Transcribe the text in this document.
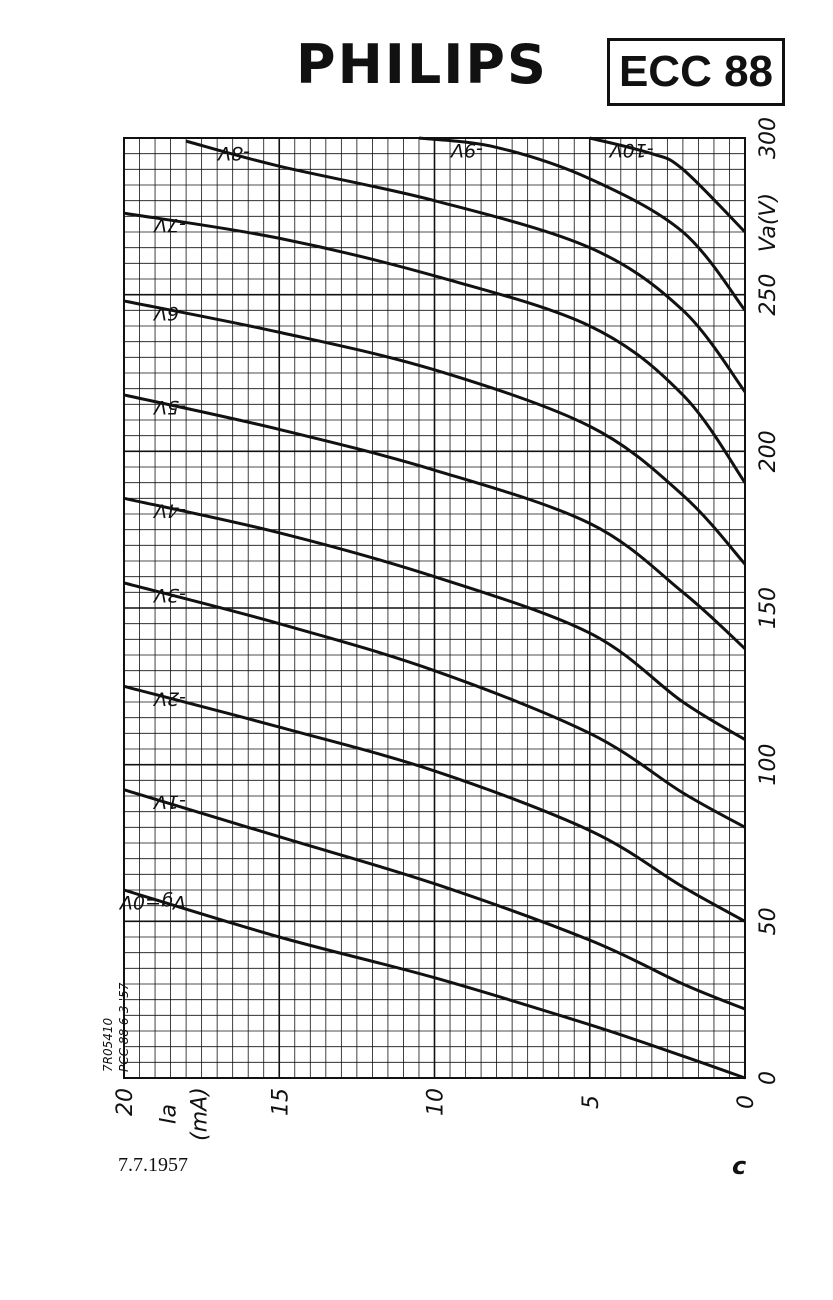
PHILIPS ECC 88
Vg=0V
-1V
-2V
-3V
-4V
-5V
-6V
-7V
-8V	-9V	-10V
0
50
100
150
200
250
300
20	15	10	5	0
Va(V)
Ia (mA)
7R05410 PCC 88 6-3-'57
7.7.1957	c
